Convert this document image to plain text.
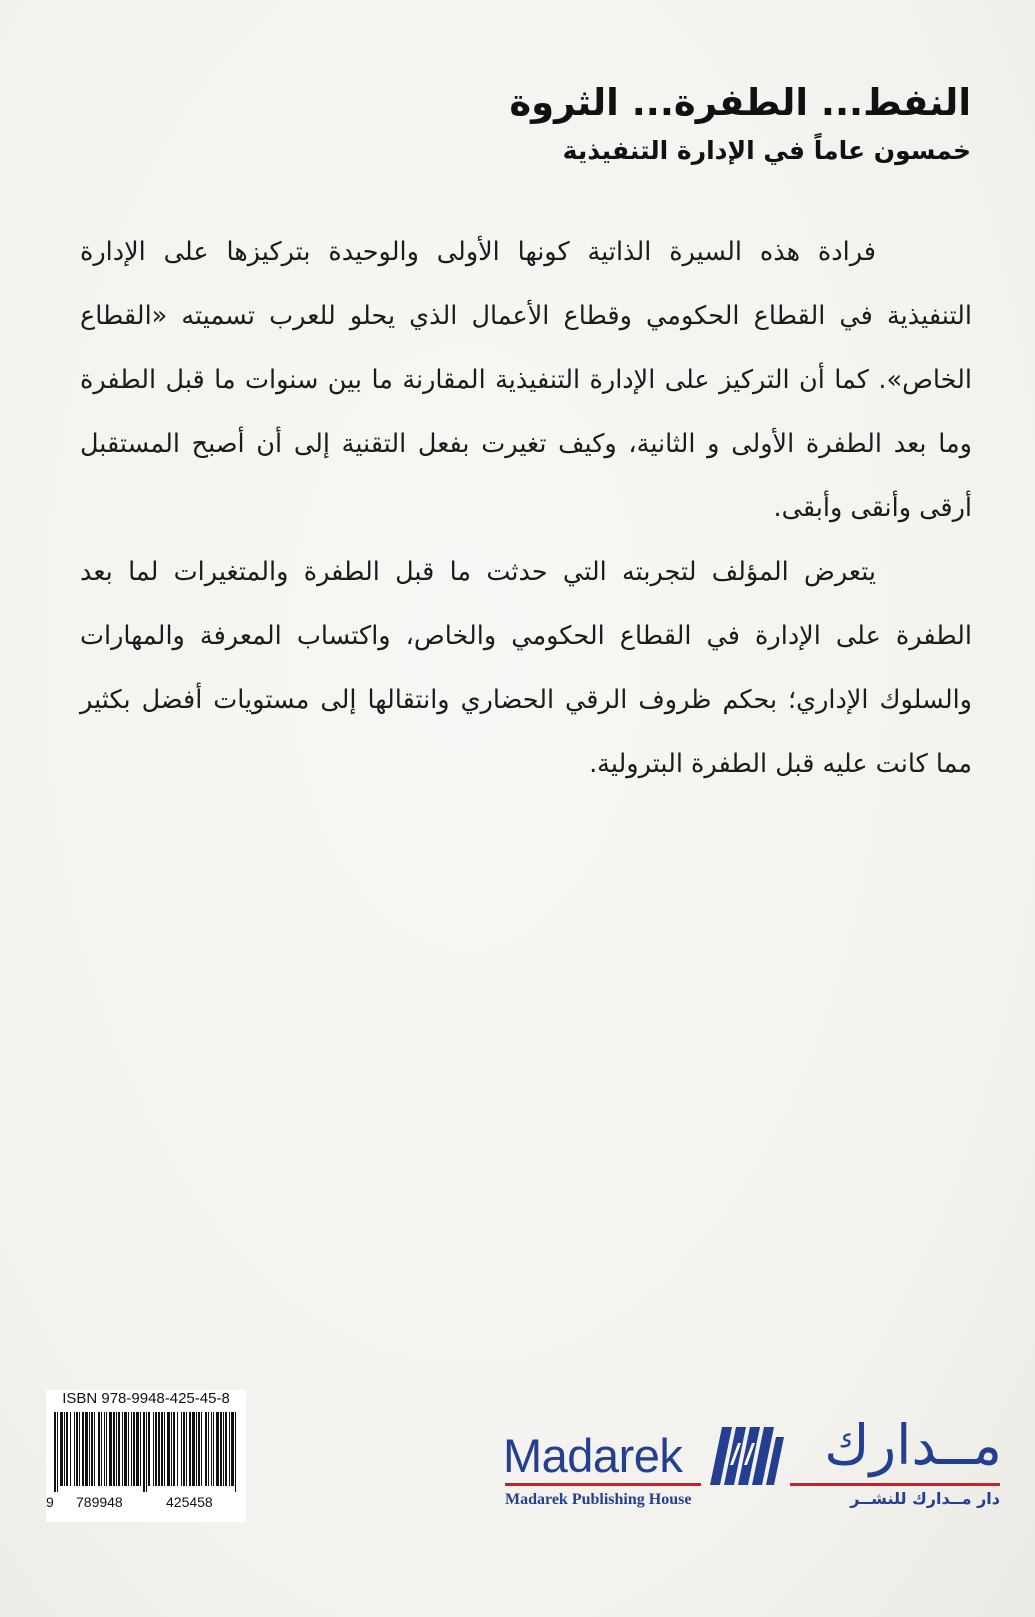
النفط... الطفرة... الثروة
خمسون عاماً في الإدارة التنفيذية
فرادة هذه السيرة الذاتية كونها الأولى والوحيدة بتركيزها على الإدارة التنفيذية في القطاع الحكومي وقطاع الأعمال الذي يحلو للعرب تسميته «القطاع الخاص». كما أن التركيز على الإدارة التنفيذية المقارنة ما بين سنوات ما قبل الطفرة وما بعد الطفرة الأولى و الثانية، وكيف تغيرت بفعل التقنية إلى أن أصبح المستقبل أرقى وأنقى وأبقى.
يتعرض المؤلف لتجربته التي حدثت ما قبل الطفرة والمتغيرات لما بعد الطفرة على الإدارة في القطاع الحكومي والخاص، واكتساب المعرفة والمهارات والسلوك الإداري؛ بحكم ظروف الرقي الحضاري وانتقالها إلى مستويات أفضل بكثير مما كانت عليه قبل الطفرة البترولية.
ISBN 978-9948-425-45-8
9 789948	425458
Madarek
Madarek Publishing House
مــدارك
دار مــدارك للنشــر
